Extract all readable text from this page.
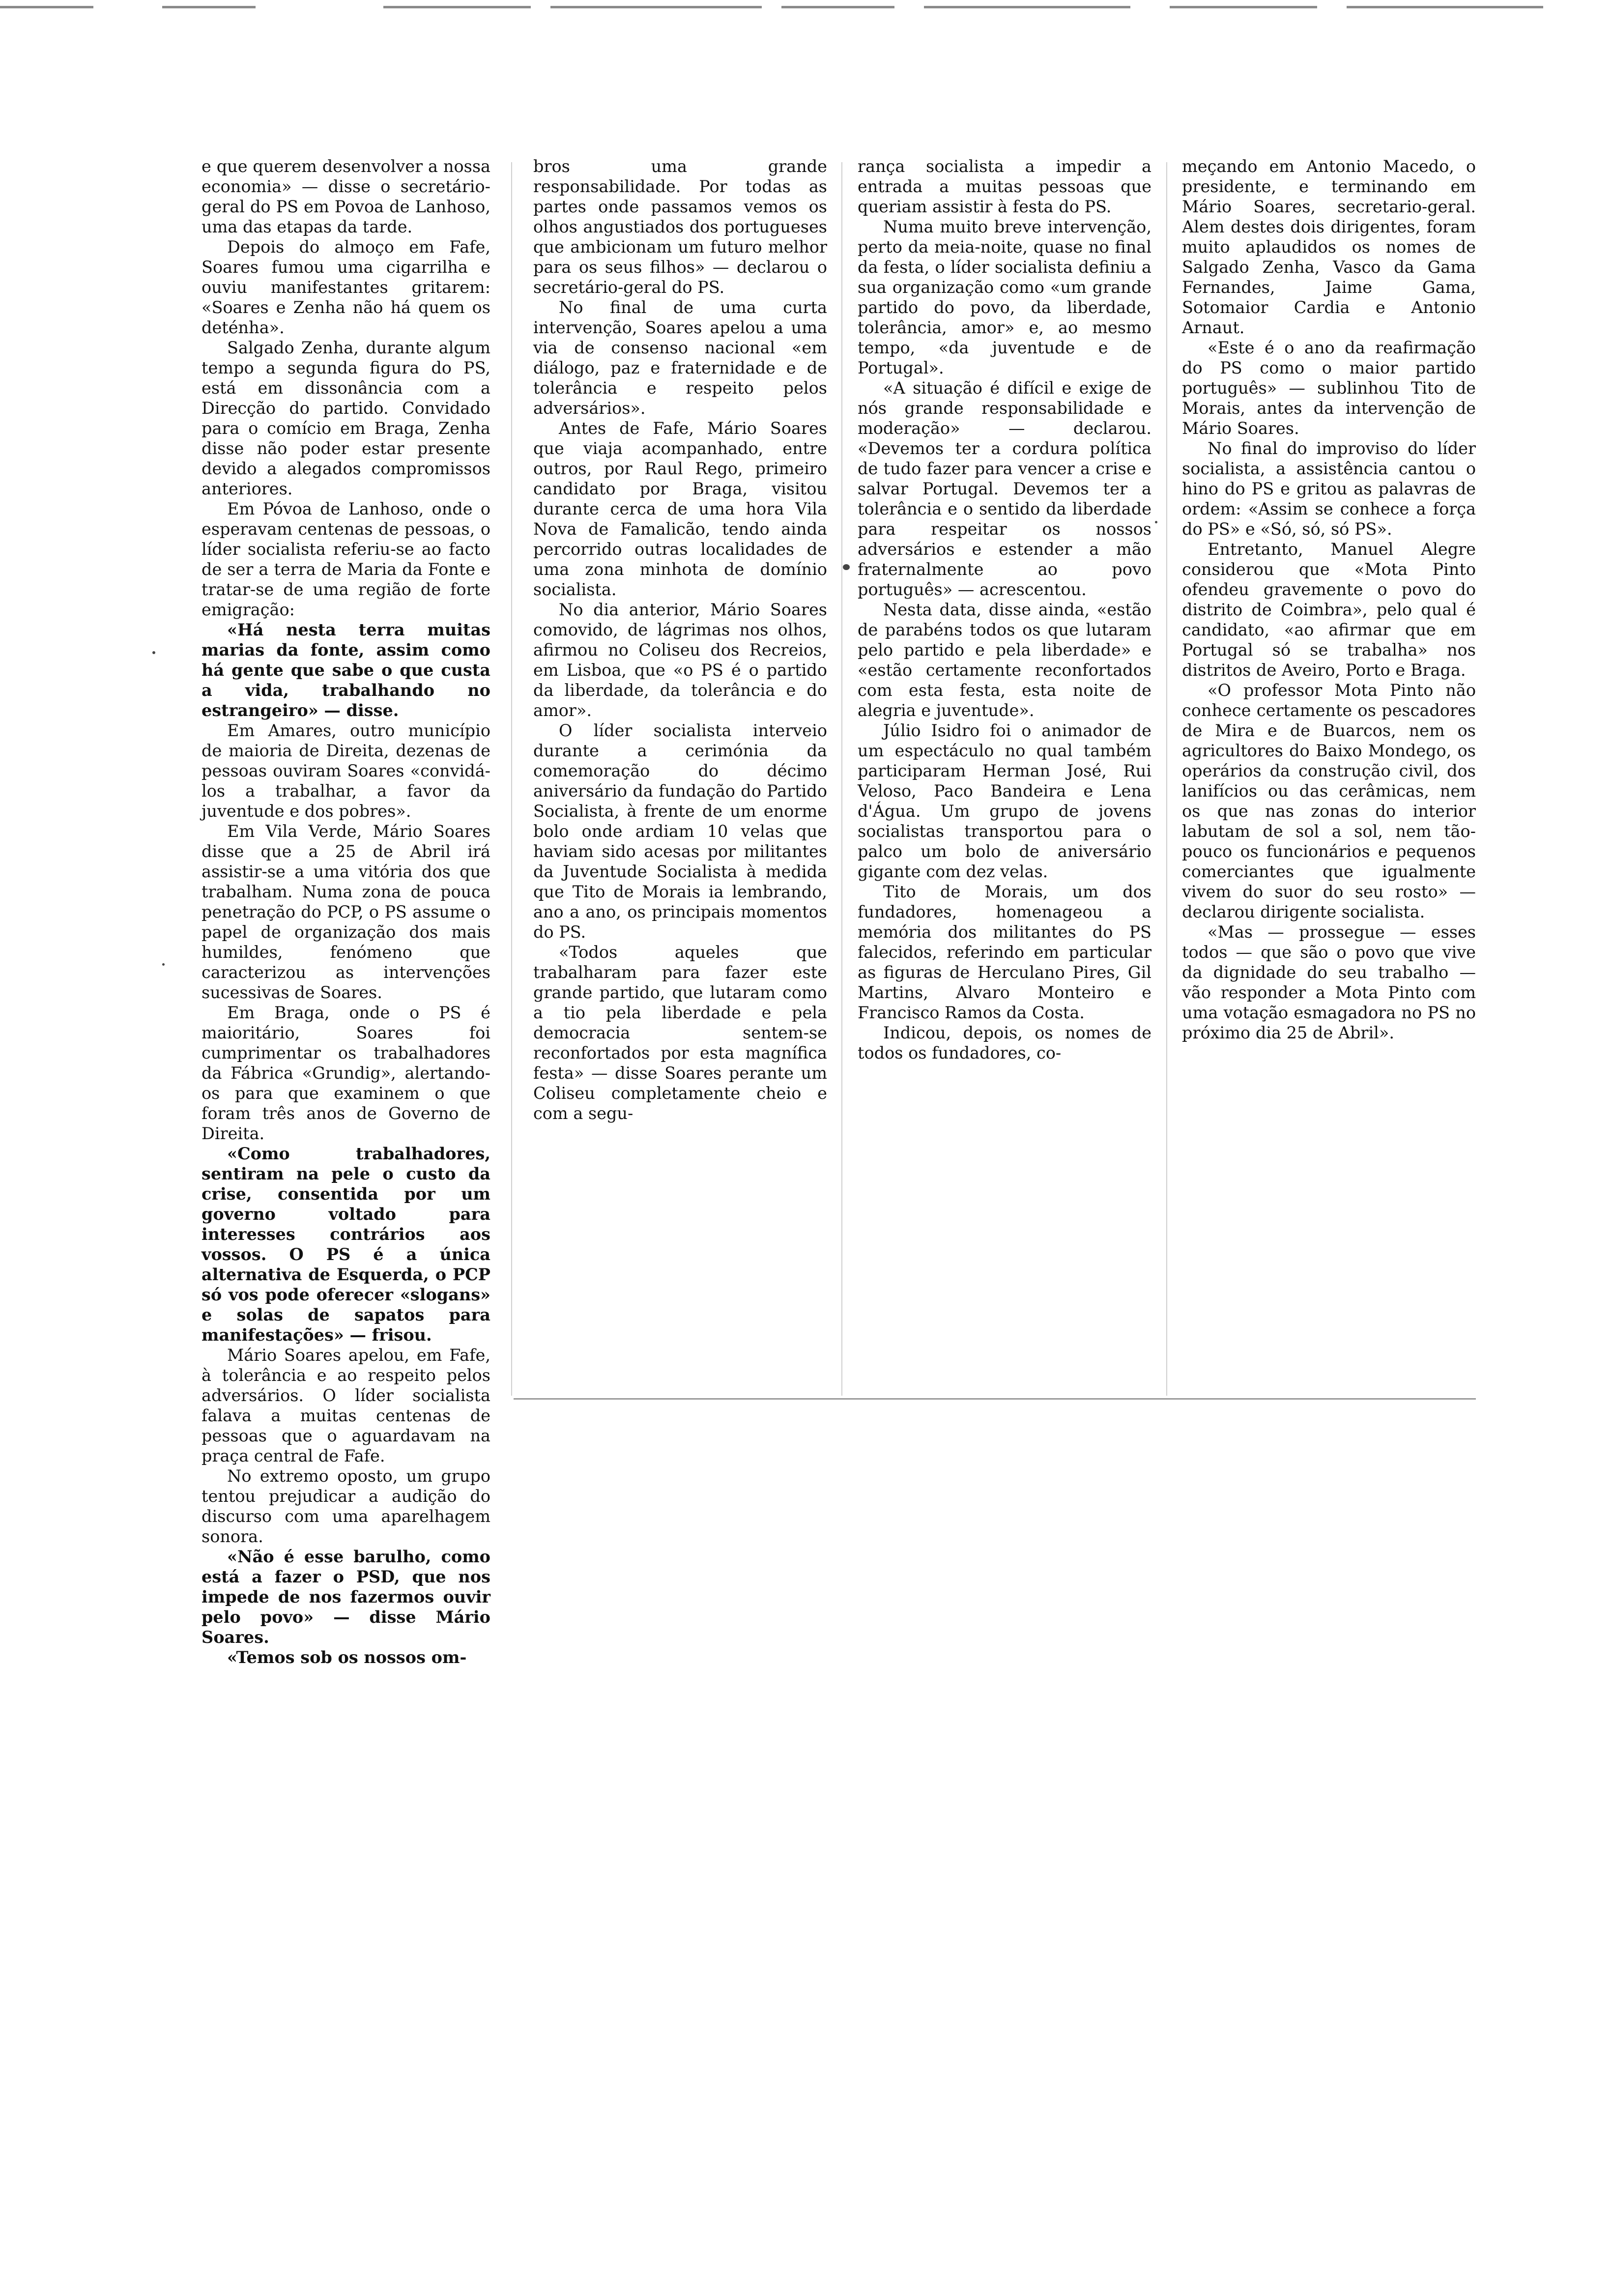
e que querem desenvolver a nossa economia» — disse o secretário-geral do PS em Povoa de Lanhoso, uma das etapas da tarde.

Depois do almoço em Fafe, Soares fumou uma cigarrilha e ouviu manifestantes gritarem: «Soares e Zenha não há quem os deténha».

Salgado Zenha, durante algum tempo a segunda figura do PS, está em dissonância com a Direcção do partido. Convidado para o comício em Braga, Zenha disse não poder estar presente devido a alegados compromissos anteriores.

Em Póvoa de Lanhoso, onde o esperavam centenas de pessoas, o líder socialista referiu-se ao facto de ser a terra de Maria da Fonte e tratar-se de uma região de forte emigração:

«Há nesta terra muitas marias da fonte, assim como há gente que sabe o que custa a vida, trabalhando no estrangeiro» — disse.

Em Amares, outro município de maioria de Direita, dezenas de pessoas ouviram Soares «convidá-los a trabalhar, a favor da juventude e dos pobres».

Em Vila Verde, Mário Soares disse que a 25 de Abril irá assistir-se a uma vitória dos que trabalham. Numa zona de pouca penetração do PCP, o PS assume o papel de organização dos mais humildes, fenómeno que caracterizou as intervenções sucessivas de Soares.

Em Braga, onde o PS é maioritário, Soares foi cumprimentar os trabalhadores da Fábrica «Grundig», alertando-os para que examinem o que foram três anos de Governo de Direita.

«Como trabalhadores, sentiram na pele o custo da crise, consentida por um governo voltado para interesses contrários aos vossos. O PS é a única alternativa de Esquerda, o PCP só vos pode oferecer «slogans» e solas de sapatos para manifestações» — frisou.

Mário Soares apelou, em Fafe, à tolerância e ao respeito pelos adversários. O líder socialista falava a muitas centenas de pessoas que o aguardavam na praça central de Fafe.

No extremo oposto, um grupo tentou prejudicar a audição do discurso com uma aparelhagem sonora.

«Não é esse barulho, como está a fazer o PSD, que nos impede de nos fazermos ouvir pelo povo» — disse Mário Soares.

«Temos sob os nossos om-

bros uma grande responsabilidade. Por todas as partes onde passamos vemos os olhos angustiados dos portugueses que ambicionam um futuro melhor para os seus filhos» — declarou o secretário-geral do PS.

No final de uma curta intervenção, Soares apelou a uma via de consenso nacional «em diálogo, paz e fraternidade e de tolerância e respeito pelos adversários».

Antes de Fafe, Mário Soares que viaja acompanhado, entre outros, por Raul Rego, primeiro candidato por Braga, visitou durante cerca de uma hora Vila Nova de Famalicão, tendo ainda percorrido outras localidades de uma zona minhota de domínio socialista.

No dia anterior, Mário Soares comovido, de lágrimas nos olhos, afirmou no Coliseu dos Recreios, em Lisboa, que «o PS é o partido da liberdade, da tolerância e do amor».

O líder socialista interveio durante a cerimónia da comemoração do décimo aniversário da fundação do Partido Socialista, à frente de um enorme bolo onde ardiam 10 velas que haviam sido acesas por militantes da Juventude Socialista à medida que Tito de Morais ia lembrando, ano a ano, os principais momentos do PS.

«Todos aqueles que trabalharam para fazer este grande partido, que lutaram como a tio pela liberdade e pela democracia sentem-se reconfortados por esta magnífica festa» — disse Soares perante um Coliseu completamente cheio e com a segu-

rança socialista a impedir a entrada a muitas pessoas que queriam assistir à festa do PS.

Numa muito breve intervenção, perto da meia-noite, quase no final da festa, o líder socialista definiu a sua organização como «um grande partido do povo, da liberdade, tolerância, amor» e, ao mesmo tempo, «da juventude e de Portugal».

«A situação é difícil e exige de nós grande responsabilidade e moderação» — declarou. «Devemos ter a cordura política de tudo fazer para vencer a crise e salvar Portugal. Devemos ter a tolerância e o sentido da liberdade para respeitar os nossos adversários e estender a mão fraternalmente ao povo português» — acrescentou.

Nesta data, disse ainda, «estão de parabéns todos os que lutaram pelo partido e pela liberdade» e «estão certamente reconfortados com esta festa, esta noite de alegria e juventude».

Júlio Isidro foi o animador de um espectáculo no qual também participaram Herman José, Rui Veloso, Paco Bandeira e Lena d'Água. Um grupo de jovens socialistas transportou para o palco um bolo de aniversário gigante com dez velas.

Tito de Morais, um dos fundadores, homenageou a memória dos militantes do PS falecidos, referindo em particular as figuras de Herculano Pires, Gil Martins, Alvaro Monteiro e Francisco Ramos da Costa.

Indicou, depois, os nomes de todos os fundadores, co-

meçando em Antonio Macedo, o presidente, e terminando em Mário Soares, secretario-geral. Alem destes dois dirigentes, foram muito aplaudidos os nomes de Salgado Zenha, Vasco da Gama Fernandes, Jaime Gama, Sotomaior Cardia e Antonio Arnaut.

«Este é o ano da reafirmação do PS como o maior partido português» — sublinhou Tito de Morais, antes da intervenção de Mário Soares.

No final do improviso do líder socialista, a assistência cantou o hino do PS e gritou as palavras de ordem: «Assim se conhece a força do PS» e «Só, só, só PS».

Entretanto, Manuel Alegre considerou que «Mota Pinto ofendeu gravemente o povo do distrito de Coimbra», pelo qual é candidato, «ao afirmar que em Portugal só se trabalha» nos distritos de Aveiro, Porto e Braga.

«O professor Mota Pinto não conhece certamente os pescadores de Mira e de Buarcos, nem os agricultores do Baixo Mondego, os operários da construção civil, dos lanifícios ou das cerâmicas, nem os que nas zonas do interior labutam de sol a sol, nem tão-pouco os funcionários e pequenos comerciantes que igualmente vivem do suor do seu rosto» — declarou dirigente socialista.

«Mas — prossegue — esses todos — que são o povo que vive da dignidade do seu trabalho — vão responder a Mota Pinto com uma votação esmagadora no PS no próximo dia 25 de Abril».
